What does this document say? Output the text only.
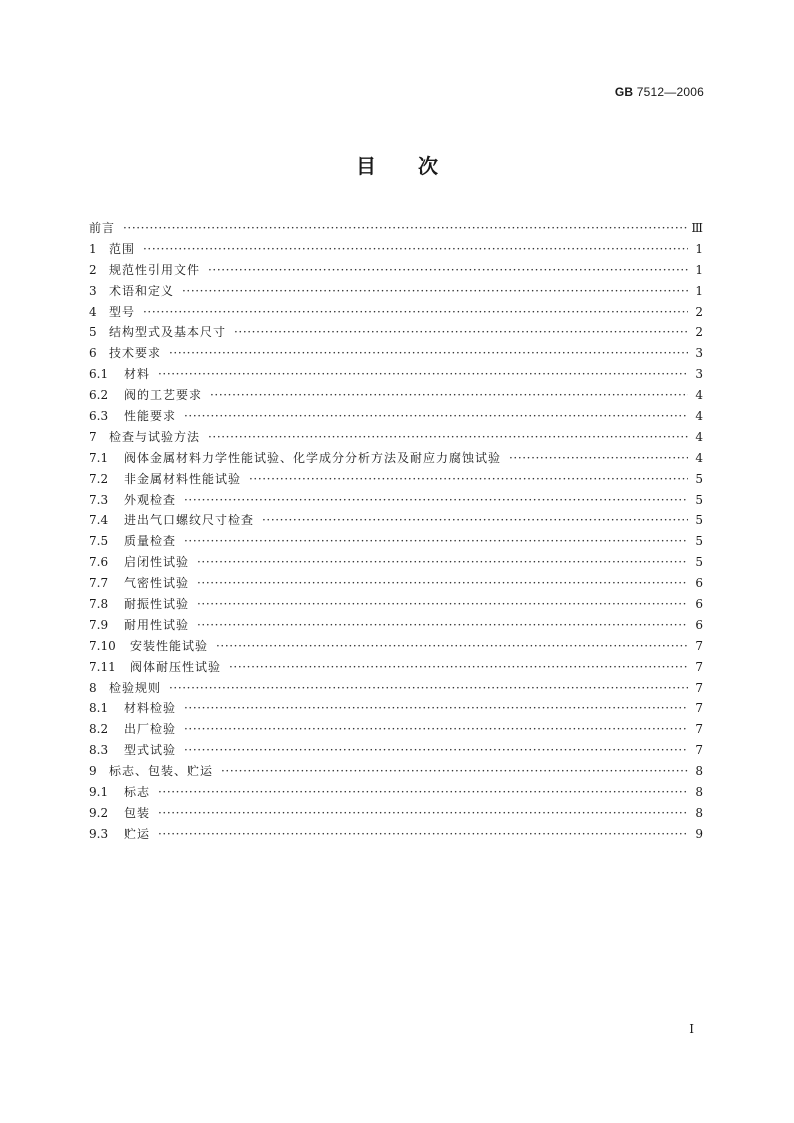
GB 7512—2006
目次
前言 ·····	Ⅲ
1	范围 ·····	1
2	规范性引用文件 ·····	1
3	术语和定义 ·····	1
4	型号 ·····	2
5	结构型式及基本尺寸 ·····	2
6	技术要求 ·····	3
6.1	材料 ·····	3
6.2	阀的工艺要求 ·····	4
6.3	性能要求 ·····	4
7	检查与试验方法 ·····	4
7.1	阀体金属材料力学性能试验、化学成分分析方法及耐应力腐蚀试验 ·····	4
7.2	非金属材料性能试验 ·····	5
7.3	外观检查 ·····	5
7.4	进出气口螺纹尺寸检查 ·····	5
7.5	质量检查 ·····	5
7.6	启闭性试验 ·····	5
7.7	气密性试验 ·····	6
7.8	耐振性试验 ·····	6
7.9	耐用性试验 ·····	6
7.10	安装性能试验 ·····	7
7.11	阀体耐压性试验 ·····	7
8	检验规则 ·····	7
8.1	材料检验 ·····	7
8.2	出厂检验 ·····	7
8.3	型式试验 ·····	7
9	标志、包装、贮运 ·····	8
9.1	标志 ·····	8
9.2	包装 ·····	8
9.3	贮运 ·····	9
I
